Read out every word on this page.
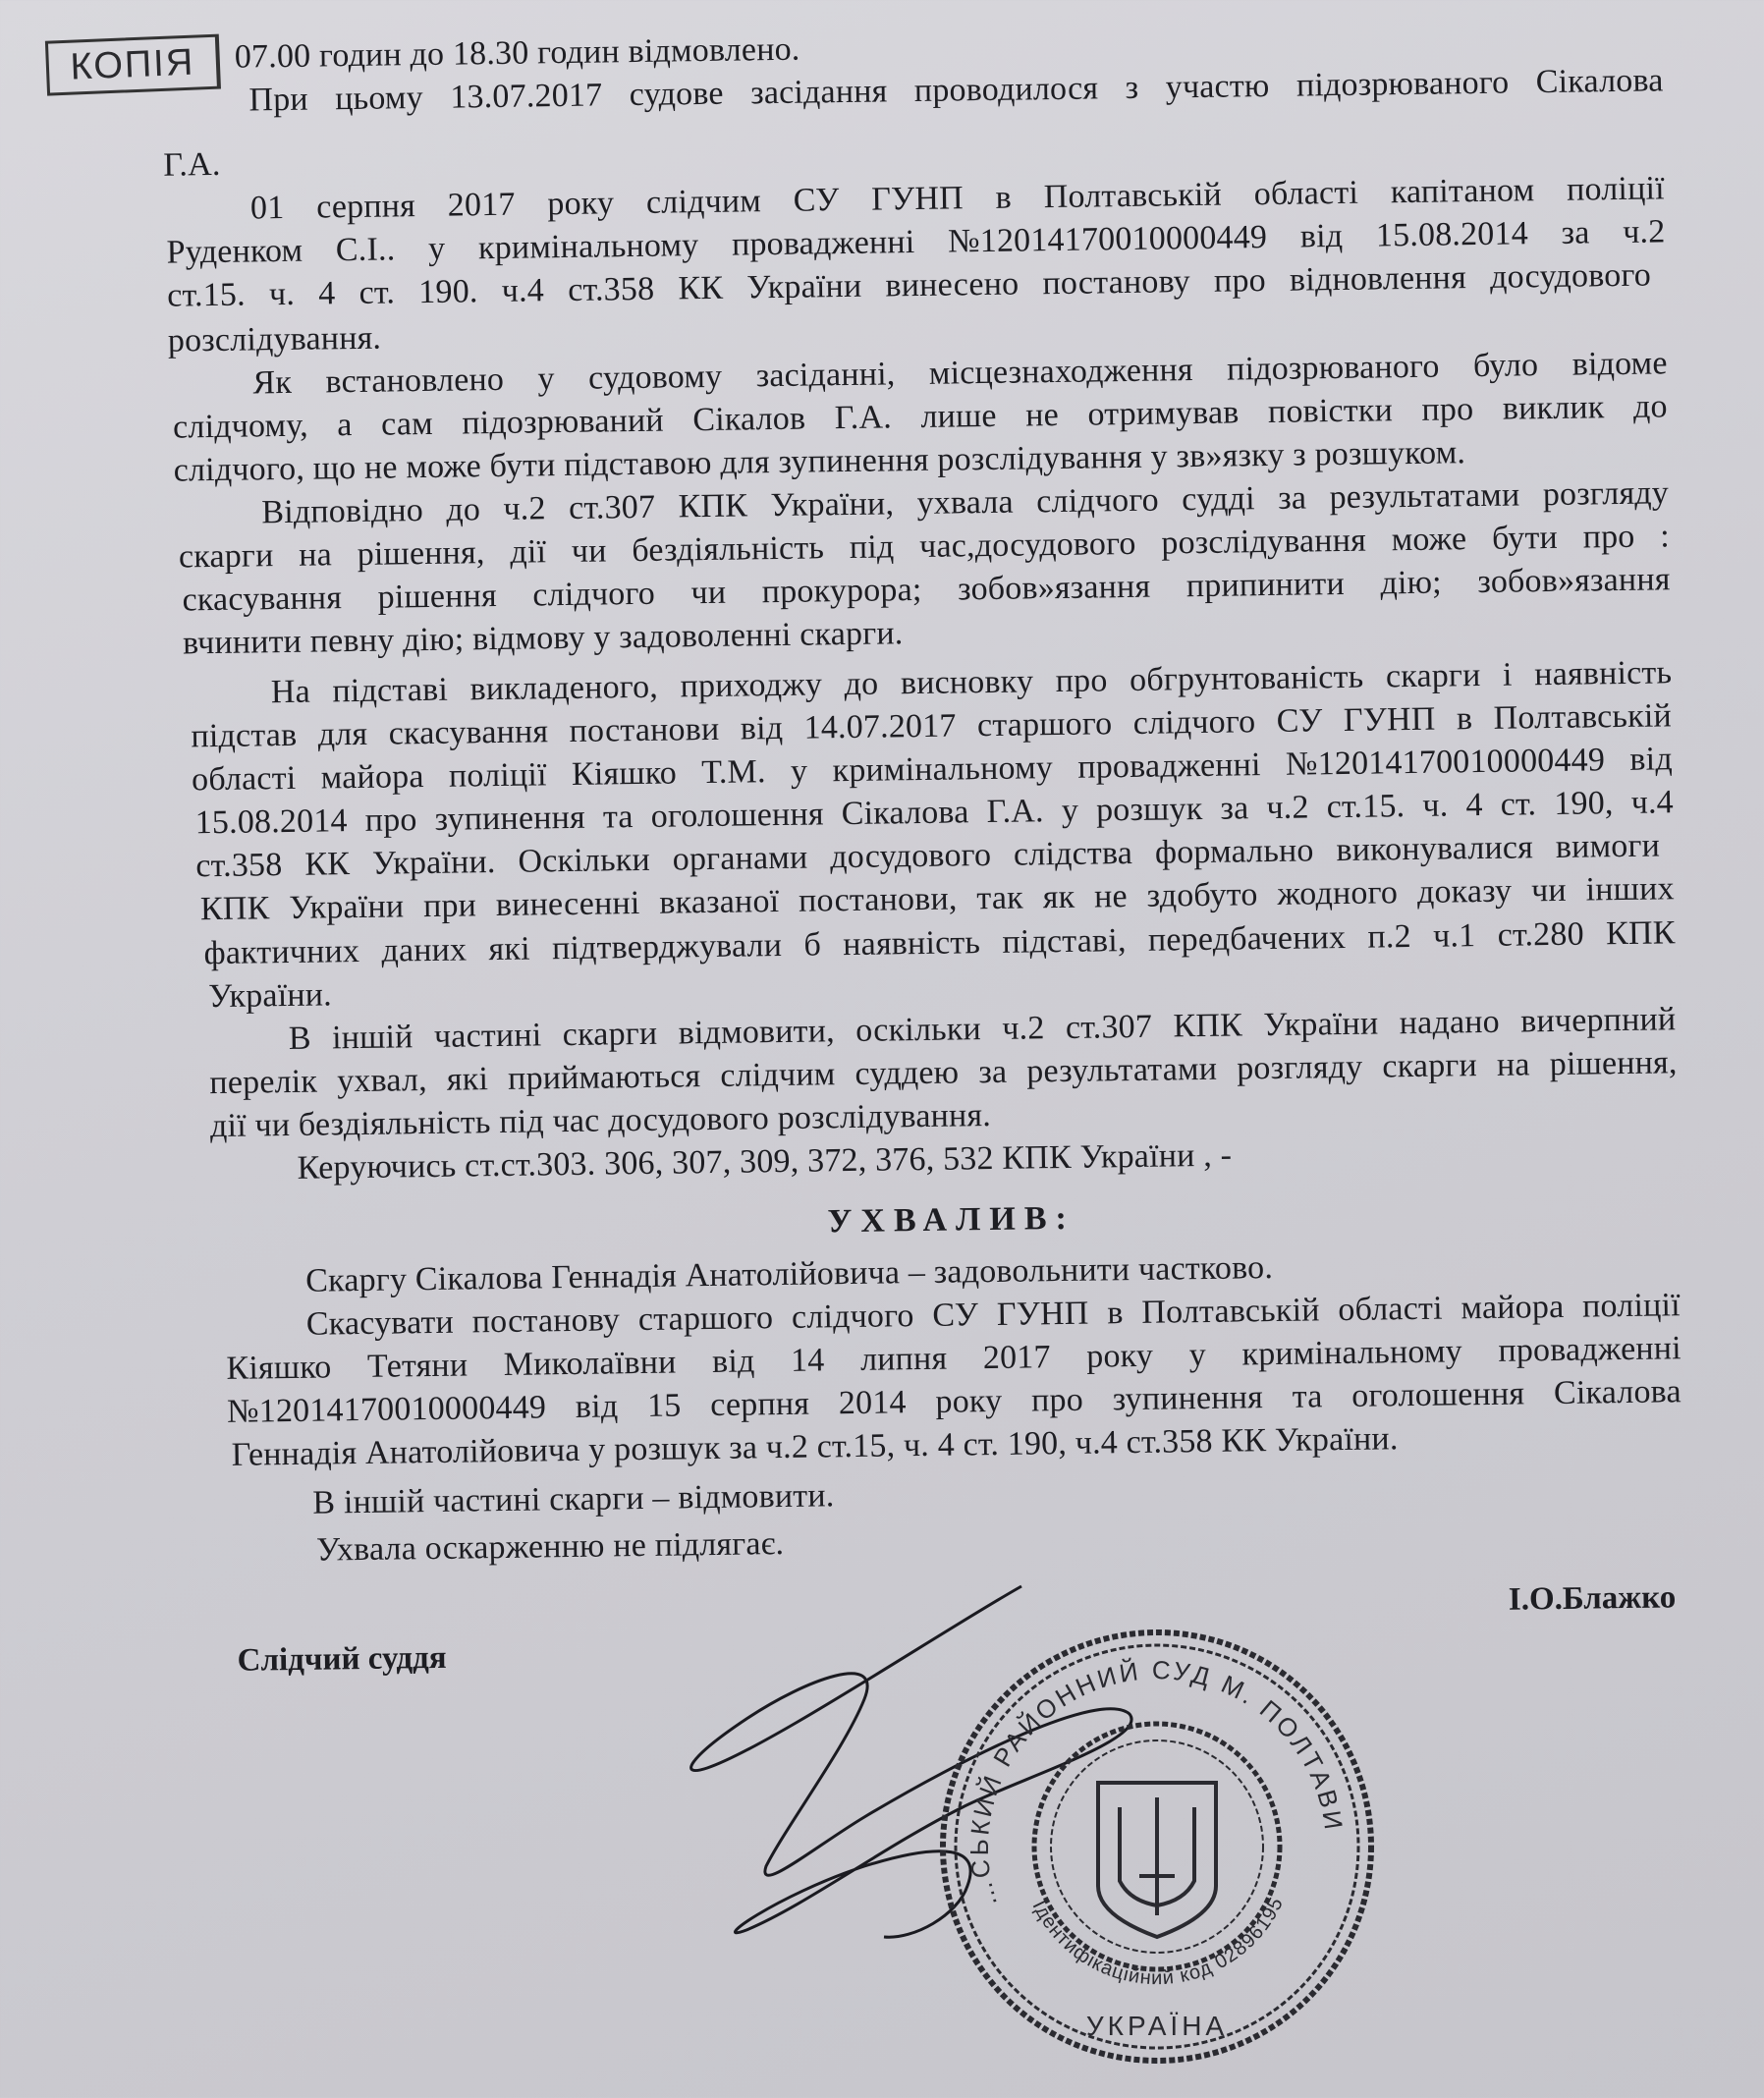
КОПІЯ	07.00 годин до 18.30 годин відмовлено.
При цьому 13.07.2017 судове засідання проводилося з участю підозрюваного Сікалова
Г.А.
01 серпня 2017 року слідчим СУ ГУНП в Полтавській області капітаном поліції
Руденком С.І.. у кримінальному провадженні №12014170010000449 від 15.08.2014 за ч.2
ст.15. ч. 4 ст. 190. ч.4 ст.358 КК України винесено постанову про відновлення досудового
розслідування.
Як встановлено у судовому засіданні, місцезнаходження підозрюваного було відоме
слідчому, а сам підозрюваний Сікалов Г.А. лише не отримував повістки про виклик до
слідчого, що не може бути підставою для зупинення розслідування у зв»язку з розшуком.
Відповідно до ч.2 ст.307 КПК України, ухвала слідчого судді за результатами розгляду
скарги на рішення, дії чи бездіяльність під час,досудового розслідування може бути про :
скасування рішення слідчого чи прокурора; зобов»язання припинити дію; зобов»язання
вчинити певну дію; відмову у задоволенні скарги.
На підставі викладеного, приходжу до висновку про обгрунтованість скарги і наявність
підстав для скасування постанови від 14.07.2017 старшого слідчого СУ ГУНП в Полтавській
області майора поліції Кіяшко Т.М. у кримінальному провадженні №12014170010000449 від
15.08.2014 про зупинення та оголошення Сікалова Г.А. у розшук за ч.2 ст.15. ч. 4 ст. 190, ч.4
ст.358 КК України. Оскільки органами досудового слідства формально виконувалися вимоги
КПК України при винесенні вказаної постанови, так як не здобуто жодного доказу чи інших
фактичних даних які підтверджували б наявність підставі, передбачених п.2 ч.1 ст.280 КПК
України.
В іншій частині скарги відмовити, оскільки ч.2 ст.307 КПК України надано вичерпний
перелік ухвал, які приймаються слідчим суддею за результатами розгляду скарги на рішення,
дії чи бездіяльність під час досудового розслідування.
Керуючись ст.ст.303. 306, 307, 309, 372, 376, 532 КПК України , -
УХВАЛИВ:
Скаргу Сікалова Геннадія Анатолійовича – задовольнити частково.
Скасувати постанову старшого слідчого СУ ГУНП в Полтавській області майора поліції
Кіяшко Тетяни Миколаївни від 14 липня 2017 року у кримінальному провадженні
№12014170010000449 від 15 серпня 2014 року про зупинення та оголошення Сікалова
Геннадія Анатолійовича у розшук за ч.2 ст.15, ч. 4 ст. 190, ч.4 ст.358 КК України.
В іншій частині скарги – відмовити.
Ухвала оскарженню не підлягає.
І.О.Блажко
Слідчий суддя
…СЬКИЙ РАЙОННИЙ СУД М. ПОЛТАВИ
Ідентифікаційний код 02896195
УКРАЇНА
